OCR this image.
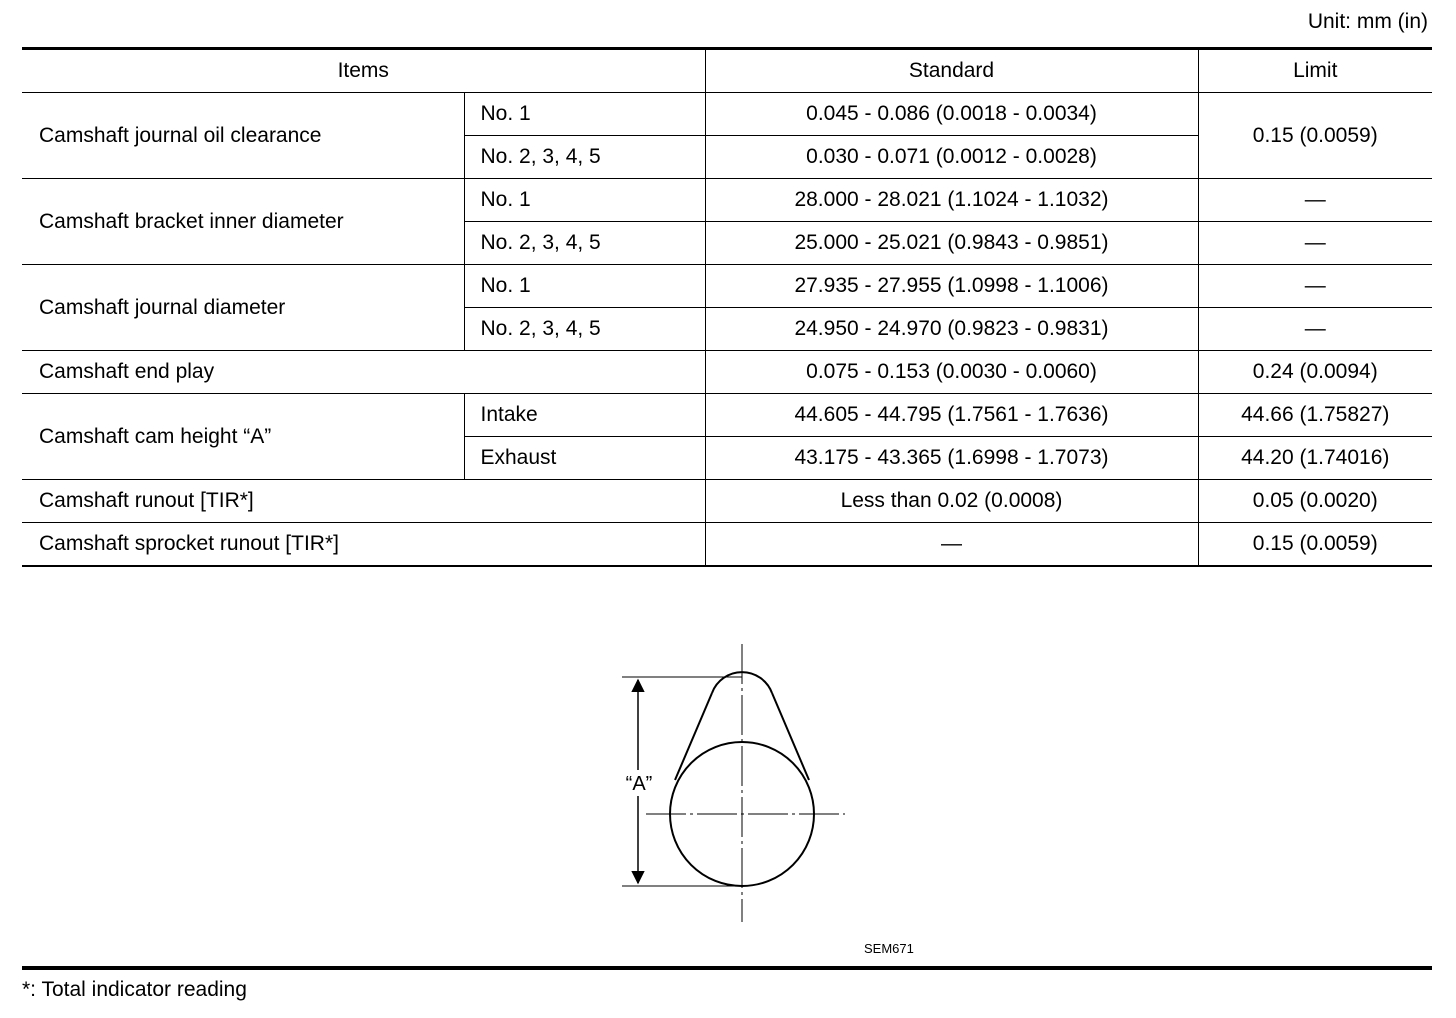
Unit: mm (in)
Items		Standard	Limit
Camshaft journal oil clearance	No. 1	0.045 - 0.086 (0.0018 - 0.0034)	0.15 (0.0059)
	No. 2, 3, 4, 5	0.030 - 0.071 (0.0012 - 0.0028)	
Camshaft bracket inner diameter	No. 1	28.000 - 28.021 (1.1024 - 1.1032)	—
	No. 2, 3, 4, 5	25.000 - 25.021 (0.9843 - 0.9851)	—
Camshaft journal diameter	No. 1	27.935 - 27.955 (1.0998 - 1.1006)	—
	No. 2, 3, 4, 5	24.950 - 24.970 (0.9823 - 0.9831)	—
Camshaft end play		0.075 - 0.153 (0.0030 - 0.0060)	0.24 (0.0094)
Camshaft cam height “A”	Intake	44.605 - 44.795 (1.7561 - 1.7636)	44.66 (1.75827)
	Exhaust	43.175 - 43.365 (1.6998 - 1.7073)	44.20 (1.74016)
Camshaft runout [TIR*]		Less than 0.02 (0.0008)	0.05 (0.0020)
Camshaft sprocket runout [TIR*]		—	0.15 (0.0059)
“A”
SEM671
*: Total indicator reading
